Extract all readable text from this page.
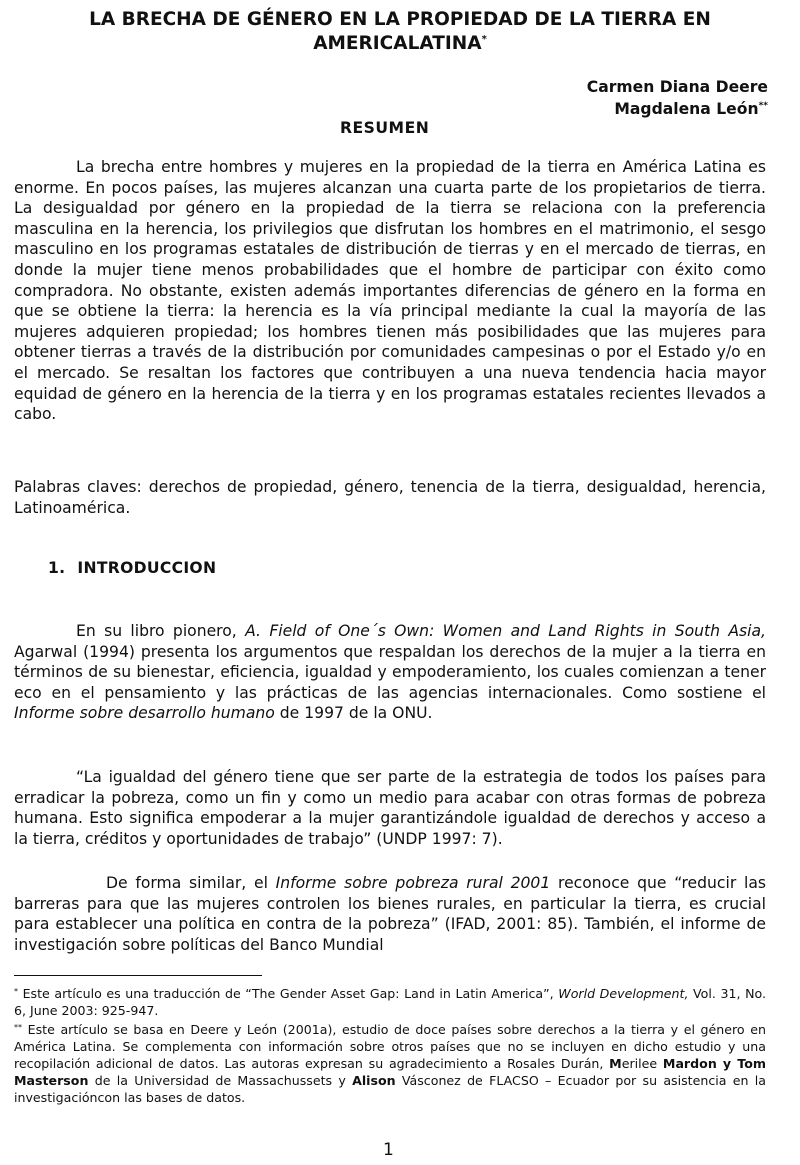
LA BRECHA DE GÉNERO EN LA PROPIEDAD DE LA TIERRA EN
AMERICALATINA*
Carmen Diana Deere
Magdalena León**
RESUMEN

La brecha entre hombres y mujeres en la propiedad de la tierra en América Latina es enorme. En pocos países, las mujeres alcanzan una cuarta parte de los propietarios de tierra. La desigualdad por género en la propiedad de la tierra se relaciona con la preferencia masculina en la herencia, los privilegios que disfrutan los hombres en el matrimonio, el sesgo masculino en los programas estatales de distribución de tierras y en el mercado de tierras, en donde la mujer tiene menos probabilidades que el hombre de participar con éxito como compradora. No obstante, existen además importantes diferencias de género en la forma en que se obtiene la tierra: la herencia es la vía principal mediante la cual la mayoría de las mujeres adquieren propiedad; los hombres tienen más posibilidades que las mujeres para obtener tierras a través de la distribución por comunidades campesinas o por el Estado y/o en el mercado. Se resaltan los factores que contribuyen a una nueva tendencia hacia mayor equidad de género en la herencia de la tierra y en los programas estatales recientes llevados a cabo.

Palabras claves: derechos de propiedad, género, tenencia de la tierra, desigualdad, herencia, Latinoamérica.

1. INTRODUCCION

En su libro pionero, A. Field of One´s Own: Women and Land Rights in South Asia, Agarwal (1994) presenta los argumentos que respaldan los derechos de la mujer a la tierra en términos de su bienestar, eficiencia, igualdad y empoderamiento, los cuales comienzan a tener eco en el pensamiento y las prácticas de las agencias internacionales. Como sostiene el Informe sobre desarrollo humano de 1997 de la ONU.

“La igualdad del género tiene que ser parte de la estrategia de todos los países para erradicar la pobreza, como un fin y como un medio para acabar con otras formas de pobreza humana. Esto significa empoderar a la mujer garantizándole igualdad de derechos y acceso a la tierra, créditos y oportunidades de trabajo” (UNDP 1997: 7).

De forma similar, el Informe sobre pobreza rural 2001 reconoce que “reducir las barreras para que las mujeres controlen los bienes rurales, en particular la tierra, es crucial para establecer una política en contra de la pobreza” (IFAD, 2001: 85). También, el informe de investigación sobre políticas del Banco Mundial

* Este artículo es una traducción de “The Gender Asset Gap: Land in Latin America”, World Development, Vol. 31, No. 6, June 2003: 925-947.

** Este artículo se basa en Deere y León (2001a), estudio de doce países sobre derechos a la tierra y el género en América Latina. Se complementa con información sobre otros países que no se incluyen en dicho estudio y una recopilación adicional de datos. Las autoras expresan su agradecimiento a Rosales Durán, Merilee Mardon y Tom Masterson de la Universidad de Massachussets y Alison Vásconez de FLACSO – Ecuador por su asistencia en la investigacióncon las bases de datos.

1
